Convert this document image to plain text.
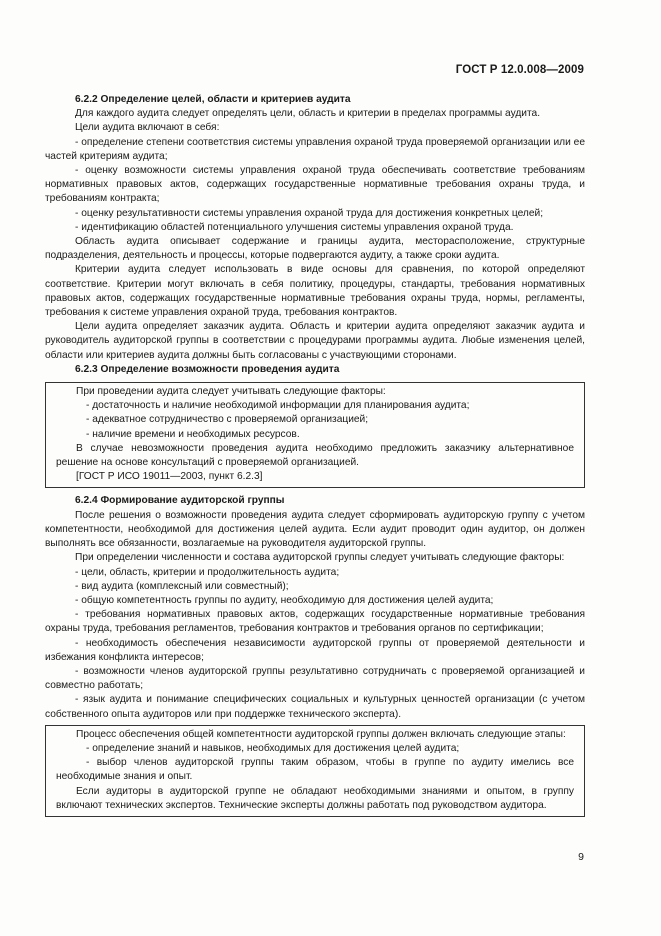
ГОСТ Р 12.0.008—2009

6.2.2 Определение целей, области и критериев аудита

Для каждого аудита следует определять цели, область и критерии в пределах программы аудита.

Цели аудита включают в себя:

- определение степени соответствия системы управления охраной труда проверяемой организации или ее частей критериям аудита;

- оценку возможности системы управления охраной труда обеспечивать соответствие требованиям нормативных правовых актов, содержащих государственные нормативные требования охраны труда, и требованиям контракта;

- оценку результативности системы управления охраной труда для достижения конкретных целей;

- идентификацию областей потенциального улучшения системы управления охраной труда.

Область аудита описывает содержание и границы аудита, месторасположение, структурные подразделения, деятельность и процессы, которые подвергаются аудиту, а также сроки аудита.

Критерии аудита следует использовать в виде основы для сравнения, по которой определяют соответствие. Критерии могут включать в себя политику, процедуры, стандарты, требования нормативных правовых актов, содержащих государственные нормативные требования охраны труда, нормы, регламенты, требования к системе управления охраной труда, требования контрактов.

Цели аудита определяет заказчик аудита. Область и критерии аудита определяют заказчик аудита и руководитель аудиторской группы в соответствии с процедурами программы аудита. Любые изменения целей, области или критериев аудита должны быть согласованы с участвующими сторонами.

6.2.3 Определение возможности проведения аудита

При проведении аудита следует учитывать следующие факторы:

- достаточность и наличие необходимой информации для планирования аудита;

- адекватное сотрудничество с проверяемой организацией;

- наличие времени и необходимых ресурсов.

В случае невозможности проведения аудита необходимо предложить заказчику альтернативное решение на основе консультаций с проверяемой организацией.

[ГОСТ Р ИСО 19011—2003, пункт 6.2.3]

6.2.4 Формирование аудиторской группы

После решения о возможности проведения аудита следует сформировать аудиторскую группу с учетом компетентности, необходимой для достижения целей аудита. Если аудит проводит один аудитор, он должен выполнять все обязанности, возлагаемые на руководителя аудиторской группы.

При определении численности и состава аудиторской группы следует учитывать следующие факторы:

- цели, область, критерии и продолжительность аудита;

- вид аудита (комплексный или совместный);

- общую компетентность группы по аудиту, необходимую для достижения целей аудита;

- требования нормативных правовых актов, содержащих государственные нормативные требования охраны труда, требования регламентов, требования контрактов и требования органов по сертификации;

- необходимость обеспечения независимости аудиторской группы от проверяемой деятельности и избежания конфликта интересов;

- возможности членов аудиторской группы результативно сотрудничать с проверяемой организацией и совместно работать;

- язык аудита и понимание специфических социальных и культурных ценностей организации (с учетом собственного опыта аудиторов или при поддержке технического эксперта).

Процесс обеспечения общей компетентности аудиторской группы должен включать следующие этапы:

- определение знаний и навыков, необходимых для достижения целей аудита;

- выбор членов аудиторской группы таким образом, чтобы в группе по аудиту имелись все необходимые знания и опыт.

Если аудиторы в аудиторской группе не обладают необходимыми знаниями и опытом, в группу включают технических экспертов. Технические эксперты должны работать под руководством аудитора.

9
